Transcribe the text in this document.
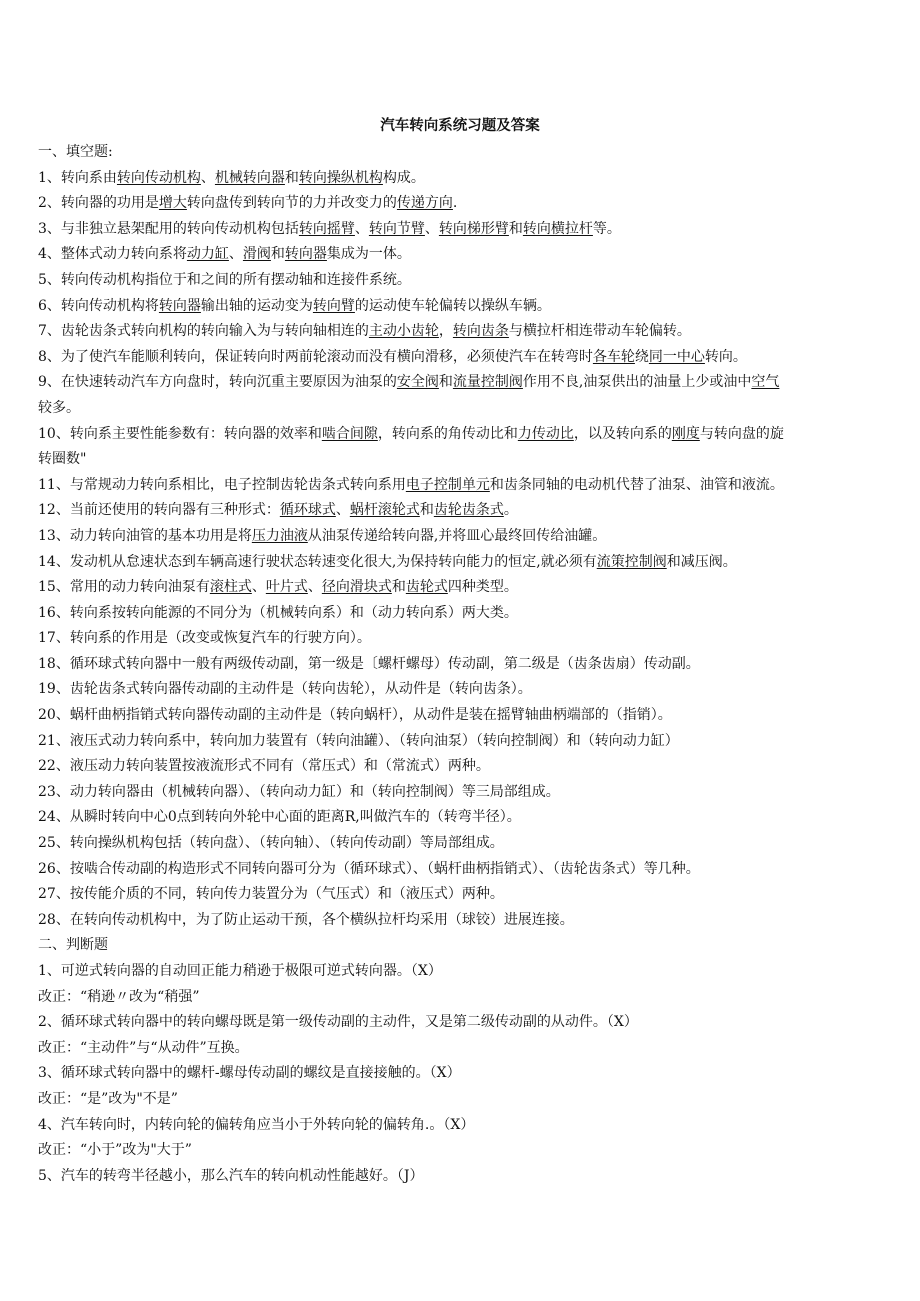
汽车转向系统习题及答案
一、填空题:
1、转向系由转向传动机构、机械转向器和转向操纵机构构成。
2、转向器的功用是增大转向盘传到转向节的力并改变力的传递方向.
3、与非独立悬架配用的转向传动机构包括转向摇臂、转向节臂、转向梯形臂和转向横拉杆等。
4、整体式动力转向系将动力缸、滑阀和转向器集成为一体。
5、转向传动机构指位于和之间的所有摆动轴和连接件系统。
6、转向传动机构将转向器输出轴的运动变为转向臂的运动使车轮偏转以操纵车辆。
7、齿轮齿条式转向机构的转向输入为与转向轴相连的主动小齿轮，转向齿条与横拉杆相连带动车轮偏转。
8、为了使汽车能顺利转向，保证转向时两前轮滚动而没有横向滑移，必须使汽车在转弯时各车轮绕同一中心转向。
9、在快速转动汽车方向盘时，转向沉重主要原因为油泵的安全阀和流量控制阀作用不良,油泵供出的油量上少或油中空气
较多。
10、转向系主要性能参数有：转向器的效率和啮合间隙，转向系的角传动比和力传动比，以及转向系的刚度与转向盘的旋
转圈数"
11、与常规动力转向系相比，电子控制齿轮齿条式转向系用电子控制单元和齿条同轴的电动机代替了油泵、油管和液流。
12、当前还使用的转向器有三种形式：循环球式、蜗杆滚轮式和齿轮齿条式。
13、动力转向油管的基本功用是将压力油液从油泵传递给转向器,并将皿心最终回传给油罐。
14、发动机从怠速状态到车辆高速行驶状态转速变化很大,为保持转向能力的恒定,就必须有流策控制阀和减压阀。
15、常用的动力转向油泵有滚柱式、叶片式、径向滑块式和齿轮式四种类型。
16、转向系按转向能源的不同分为（机械转向系）和（动力转向系）两大类。
17、转向系的作用是（改变或恢复汽车的行驶方向）。
18、循环球式转向器中一般有两级传动副，第一级是〔螺杆螺母）传动副，第二级是（齿条齿扇）传动副。
19、齿轮齿条式转向器传动副的主动件是（转向齿轮），从动件是（转向齿条）。
20、蜗杆曲柄指销式转向器传动副的主动件是（转向蜗杆），从动件是装在摇臂轴曲柄端部的（指销）。
21、液压式动力转向系中，转向加力装置有（转向油罐）、（转向油泵）（转向控制阀）和（转向动力缸）
22、液压动力转向装置按液流形式不同有（常压式）和（常流式）两种。
23、动力转向器由（机械转向器）、（转向动力缸）和（转向控制阀）等三局部组成。
24、从瞬时转向中心0点到转向外轮中心面的距离R,叫做汽车的（转弯半径）。
25、转向操纵机构包括（转向盘）、（转向轴）、（转向传动副）等局部组成。
26、按啮合传动副的构造形式不同转向器可分为（循环球式）、（蜗杆曲柄指销式）、（齿轮齿条式）等几种。
27、按传能介质的不同，转向传力装置分为（气压式）和（液压式）两种。
28、在转向传动机构中，为了防止运动干预，各个横纵拉杆均采用（球铰）进展连接。
二、判断题
1、可逆式转向器的自动回正能力稍逊于极限可逆式转向器。（X）
改正：“稍逊〃改为“稍强”
2、循环球式转向器中的转向螺母既是第一级传动副的主动件，又是第二级传动副的从动件。（X）
改正：“主动件”与“从动件”互换。
3、循环球式转向器中的螺杆-螺母传动副的螺纹是直接接触的。（X）
改正：“是”改为"不是”
4、汽车转向时，内转向轮的偏转角应当小于外转向轮的偏转角.。（X）
改正：“小于”改为"大于”
5、汽车的转弯半径越小，那么汽车的转向机动性能越好。（J）
